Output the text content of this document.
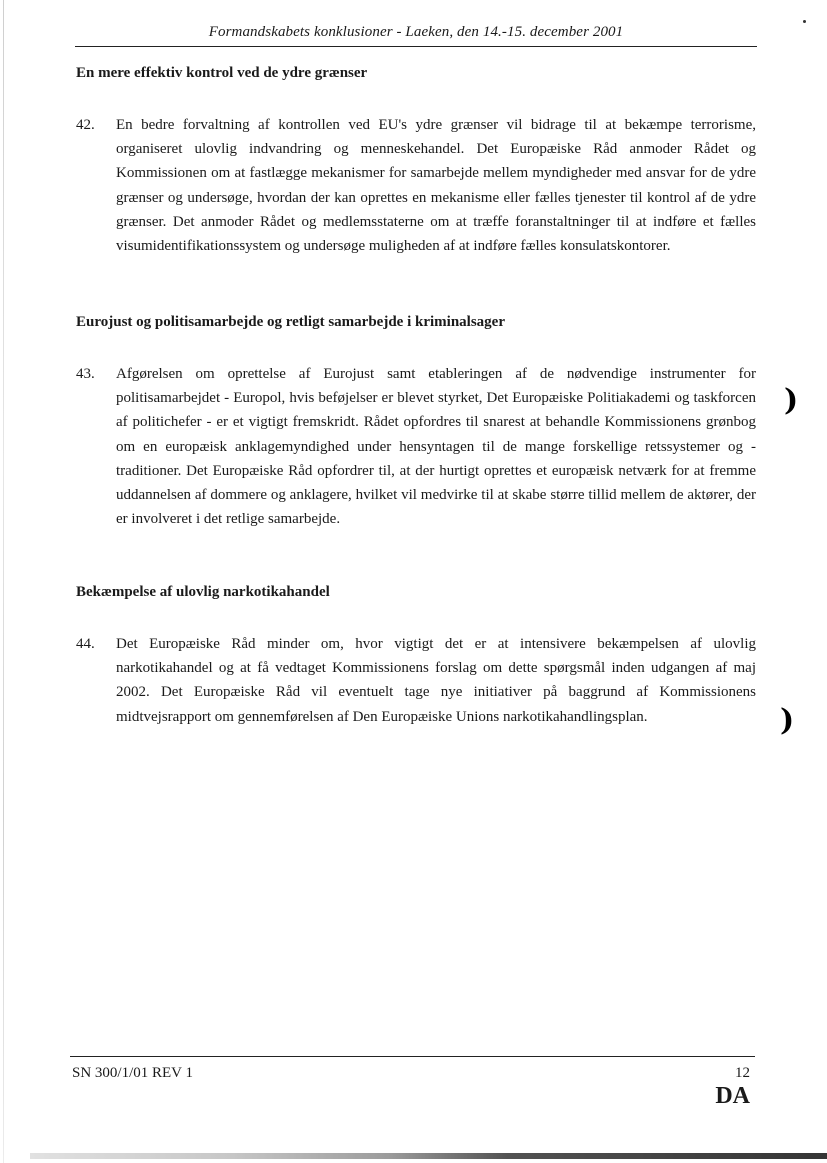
Formandskabets konklusioner - Laeken, den 14.-15. december 2001
En mere effektiv kontrol ved de ydre grænser
42. En bedre forvaltning af kontrollen ved EU's ydre grænser vil bidrage til at bekæmpe terrorisme, organiseret ulovlig indvandring og menneskehandel. Det Europæiske Råd anmoder Rådet og Kommissionen om at fastlægge mekanismer for samarbejde mellem myndigheder med ansvar for de ydre grænser og undersøge, hvordan der kan oprettes en mekanisme eller fælles tjenester til kontrol af de ydre grænser. Det anmoder Rådet og medlemsstaterne om at træffe foranstaltninger til at indføre et fælles visumidentifikationssystem og undersøge muligheden af at indføre fælles konsulatskontorer.
Eurojust og politisamarbejde og retligt samarbejde i kriminalsager
43. Afgørelsen om oprettelse af Eurojust samt etableringen af de nødvendige instrumenter for politisamarbejdet - Europol, hvis beføjelser er blevet styrket, Det Europæiske Politiakademi og taskforcen af politichefer - er et vigtigt fremskridt. Rådet opfordres til snarest at behandle Kommissionens grønbog om en europæisk anklagemyndighed under hensyntagen til de mange forskellige retssystemer og -traditioner. Det Europæiske Råd opfordrer til, at der hurtigt oprettes et europæisk netværk for at fremme uddannelsen af dommere og anklagere, hvilket vil medvirke til at skabe større tillid mellem de aktører, der er involveret i det retlige samarbejde.
Bekæmpelse af ulovlig narkotikahandel
44. Det Europæiske Råd minder om, hvor vigtigt det er at intensivere bekæmpelsen af ulovlig narkotikahandel og at få vedtaget Kommissionens forslag om dette spørgsmål inden udgangen af maj 2002. Det Europæiske Råd vil eventuelt tage nye initiativer på baggrund af Kommissionens midtvejsrapport om gennemførelsen af Den Europæiske Unions narkotikahandlingsplan.
)
)
SN 300/1/01 REV 1	12
DA
